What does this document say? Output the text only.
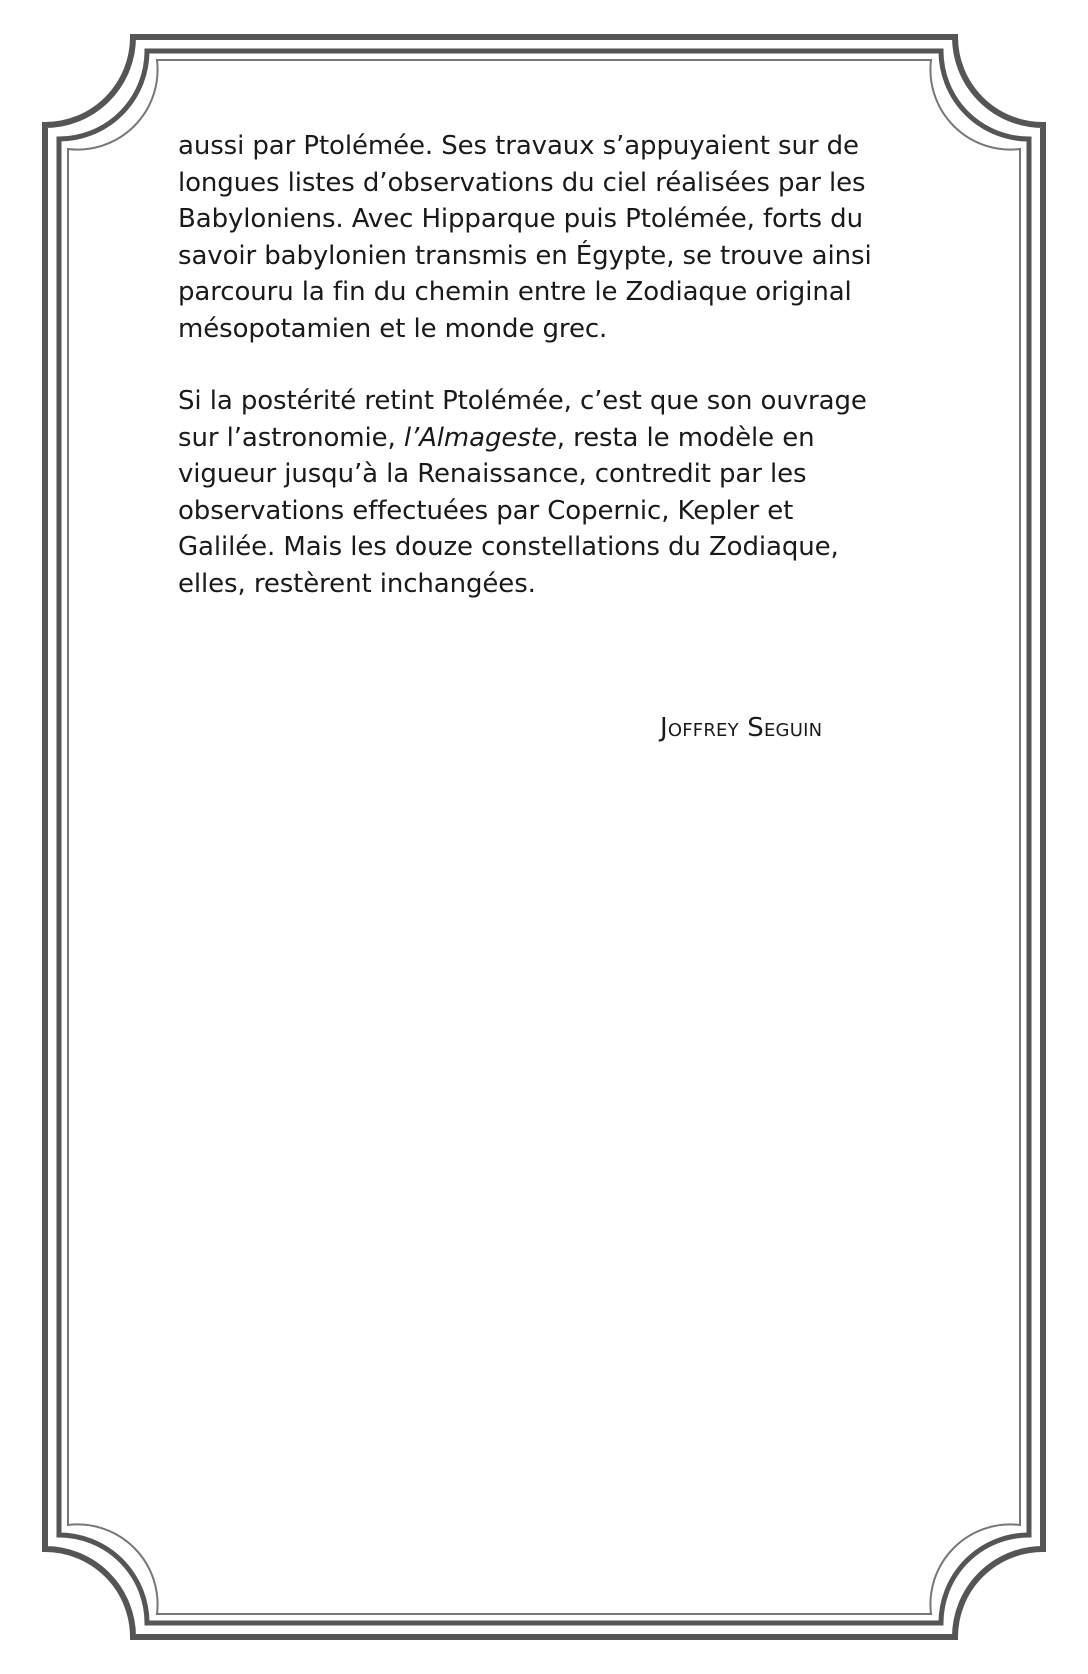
aussi par Ptolémée. Ses travaux s’appuyaient sur de
longues listes d’observations du ciel réalisées par les
Babyloniens. Avec Hipparque puis Ptolémée, forts du
savoir babylonien transmis en Égypte, se trouve ainsi
parcouru la fin du chemin entre le Zodiaque original
mésopotamien et le monde grec.

Si la postérité retint Ptolémée, c’est que son ouvrage
sur l’astronomie, l’Almageste, resta le modèle en
vigueur jusqu’à la Renaissance, contredit par les
observations effectuées par Copernic, Kepler et
Galilée. Mais les douze constellations du Zodiaque,
elles, restèrent inchangées.

Joffrey Seguin
